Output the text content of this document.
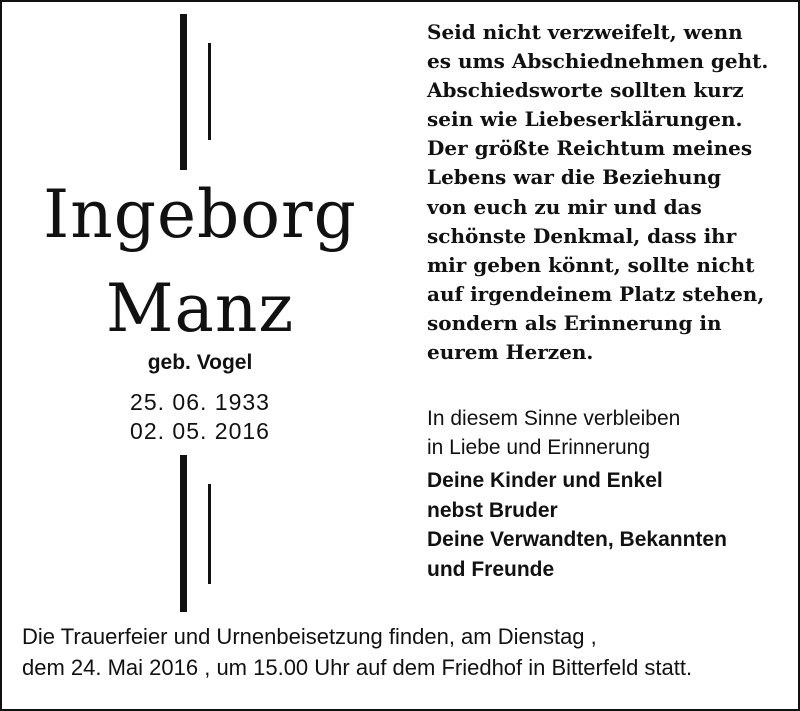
Ingeborg
Manz
geb. Vogel
25. 06. 1933
02. 05. 2016
Seid nicht verzweifelt, wenn
es ums Abschiednehmen geht.
Abschiedsworte sollten kurz
sein wie Liebeserklärungen.
Der größte Reichtum meines
Lebens war die Beziehung
von euch zu mir und das
schönste Denkmal, dass ihr
mir geben könnt, sollte nicht
auf irgendeinem Platz stehen,
sondern als Erinnerung in
eurem Herzen.
In diesem Sinne verbleiben
in Liebe und Erinnerung
Deine Kinder und Enkel
nebst Bruder
Deine Verwandten, Bekannten
und Freunde
Die Trauerfeier und Urnenbeisetzung finden, am Dienstag ,
dem 24. Mai 2016 , um 15.00 Uhr auf dem Friedhof in Bitterfeld statt.
